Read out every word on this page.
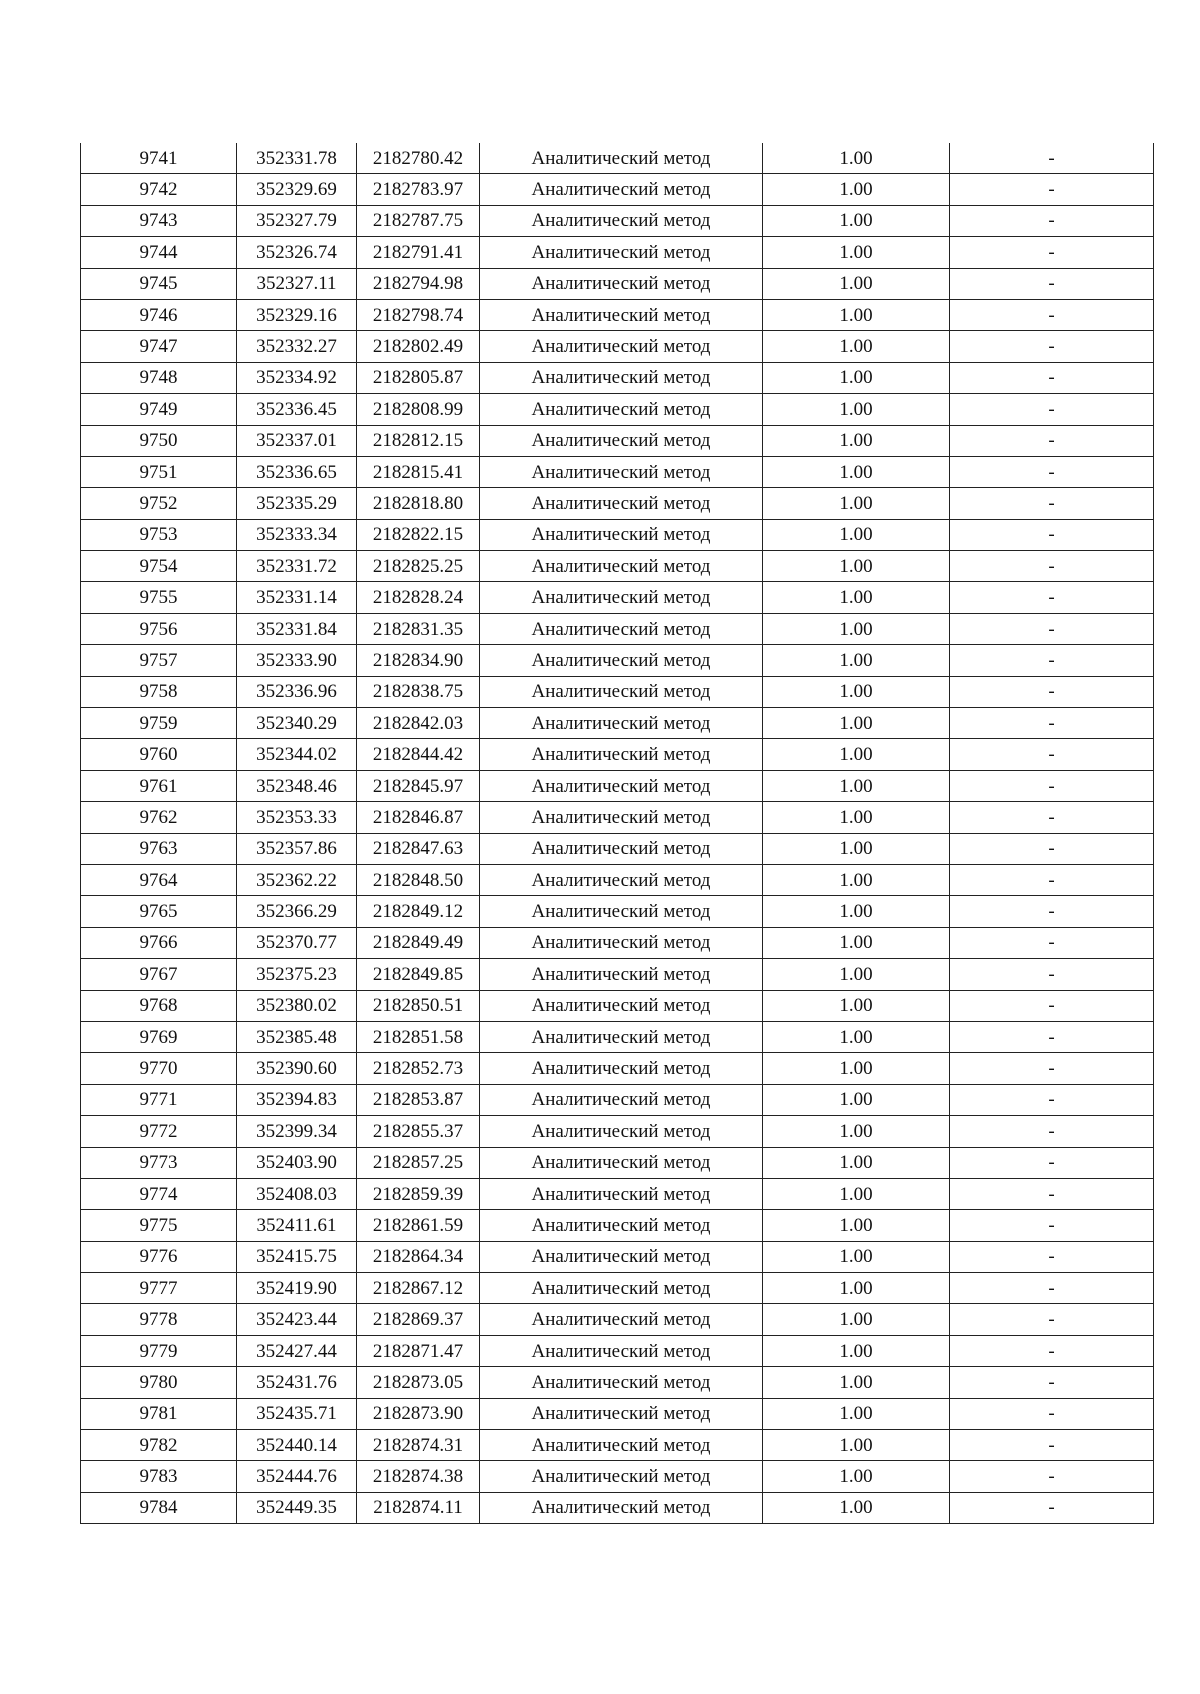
9741	352331.78	2182780.42	Аналитический метод	1.00	-
9742	352329.69	2182783.97	Аналитический метод	1.00	-
9743	352327.79	2182787.75	Аналитический метод	1.00	-
9744	352326.74	2182791.41	Аналитический метод	1.00	-
9745	352327.11	2182794.98	Аналитический метод	1.00	-
9746	352329.16	2182798.74	Аналитический метод	1.00	-
9747	352332.27	2182802.49	Аналитический метод	1.00	-
9748	352334.92	2182805.87	Аналитический метод	1.00	-
9749	352336.45	2182808.99	Аналитический метод	1.00	-
9750	352337.01	2182812.15	Аналитический метод	1.00	-
9751	352336.65	2182815.41	Аналитический метод	1.00	-
9752	352335.29	2182818.80	Аналитический метод	1.00	-
9753	352333.34	2182822.15	Аналитический метод	1.00	-
9754	352331.72	2182825.25	Аналитический метод	1.00	-
9755	352331.14	2182828.24	Аналитический метод	1.00	-
9756	352331.84	2182831.35	Аналитический метод	1.00	-
9757	352333.90	2182834.90	Аналитический метод	1.00	-
9758	352336.96	2182838.75	Аналитический метод	1.00	-
9759	352340.29	2182842.03	Аналитический метод	1.00	-
9760	352344.02	2182844.42	Аналитический метод	1.00	-
9761	352348.46	2182845.97	Аналитический метод	1.00	-
9762	352353.33	2182846.87	Аналитический метод	1.00	-
9763	352357.86	2182847.63	Аналитический метод	1.00	-
9764	352362.22	2182848.50	Аналитический метод	1.00	-
9765	352366.29	2182849.12	Аналитический метод	1.00	-
9766	352370.77	2182849.49	Аналитический метод	1.00	-
9767	352375.23	2182849.85	Аналитический метод	1.00	-
9768	352380.02	2182850.51	Аналитический метод	1.00	-
9769	352385.48	2182851.58	Аналитический метод	1.00	-
9770	352390.60	2182852.73	Аналитический метод	1.00	-
9771	352394.83	2182853.87	Аналитический метод	1.00	-
9772	352399.34	2182855.37	Аналитический метод	1.00	-
9773	352403.90	2182857.25	Аналитический метод	1.00	-
9774	352408.03	2182859.39	Аналитический метод	1.00	-
9775	352411.61	2182861.59	Аналитический метод	1.00	-
9776	352415.75	2182864.34	Аналитический метод	1.00	-
9777	352419.90	2182867.12	Аналитический метод	1.00	-
9778	352423.44	2182869.37	Аналитический метод	1.00	-
9779	352427.44	2182871.47	Аналитический метод	1.00	-
9780	352431.76	2182873.05	Аналитический метод	1.00	-
9781	352435.71	2182873.90	Аналитический метод	1.00	-
9782	352440.14	2182874.31	Аналитический метод	1.00	-
9783	352444.76	2182874.38	Аналитический метод	1.00	-
9784	352449.35	2182874.11	Аналитический метод	1.00	-
